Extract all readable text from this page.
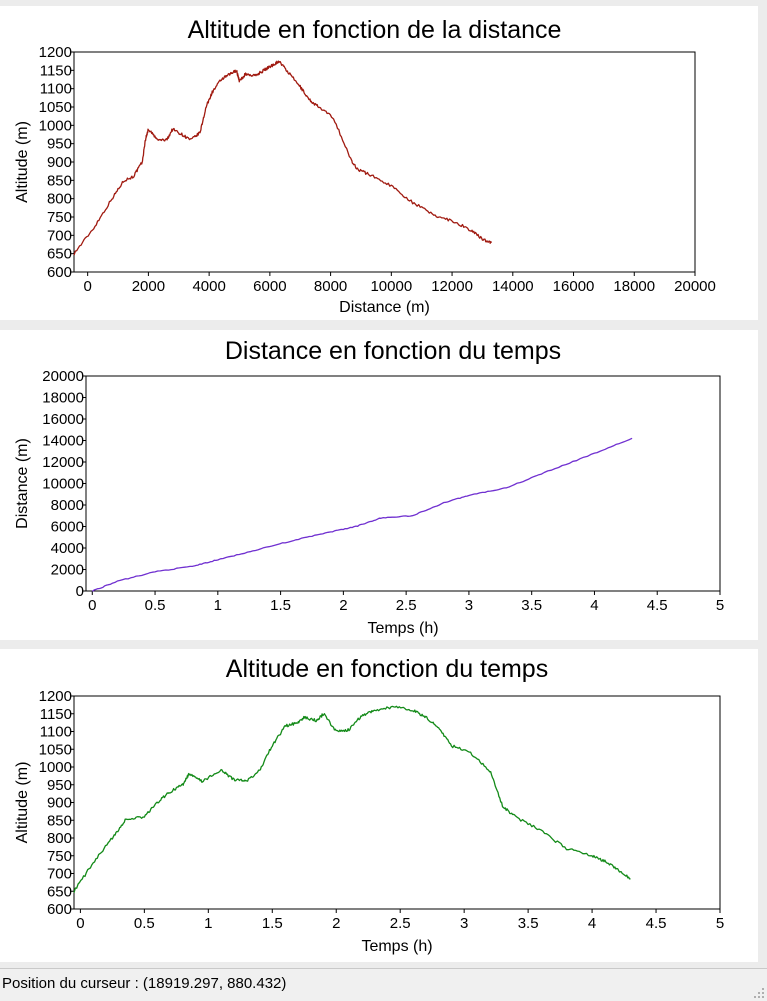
Altitude en fonction de la distance
0	2000 4000 6000 8000 10000 12000 14000 16000 18000 20000
600
650
700
750
800
850
900
950
1000
1050
1100
1150
1200
Distance (m)
Altitude (m)
Distance en fonction du temps
0	0.5	1	1.5	2	2.5	3	3.5	4	4.5	5
0
2000
4000
6000
8000
10000
12000
14000
16000
18000
20000
Temps (h)
Distance (m)
Altitude en fonction du temps
0	0.5	1	1.5	2	2.5	3	3.5	4	4.5	5
600
650
700
750
800
850
900
950
1000
1050
1100
1150
1200
Temps (h)
Altitude (m)
Position du curseur : (18919.297, 880.432)
